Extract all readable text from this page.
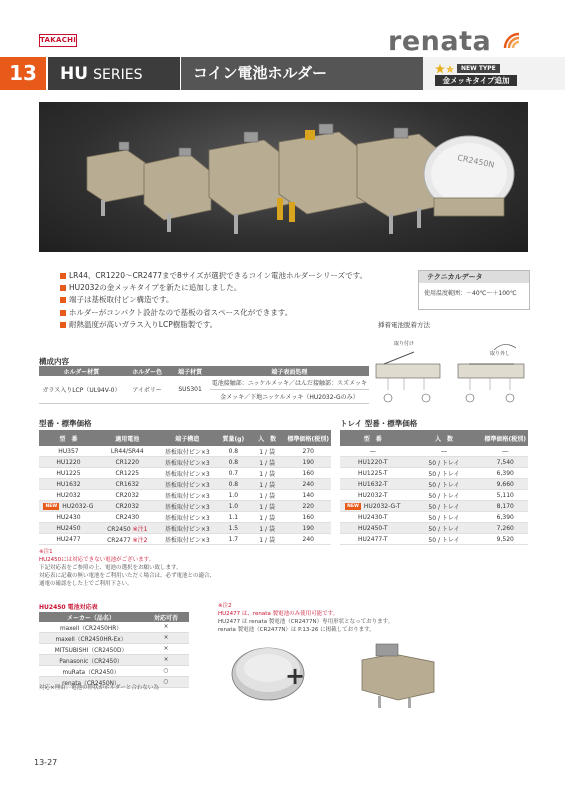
TAKACHI	renata
13	HU SERIES	コイン電池ホルダー	NEW TYPE
金メッキタイプ追加
CR2450N
LR44、CR1220～CR2477まで8サイズが選択できるコイン電池ホルダーシリーズです。
HU2032の金メッキタイプを新たに追加しました。
端子は基板取付ピン構造です。
ホルダーがコンパクト設計なので基板の省スペース化ができます。
耐熱温度が高いガラス入りLCP樹脂製です。
テクニカルデータ
使用温度範囲：－40℃～＋100℃
挿着電池脱着方法
取り付け
取り外し
構成内容
ホルダー材質	ホルダー色	端子材質	端子表面処理
ガラス入りLCP（UL94V-0）	アイボリー	SUS301	電池接触部：ニッケルメッキ／はんだ接触部：スズメッキ
			金メッキ／下地ニッケルメッキ（HU2032-Gのみ）
型番・標準価格
型　番	適用電池	端子構造	質量(g)	入　数	標準価格(税別)
HU357	LR44/SR44	基板取付ピン×3	0.8	1 / 袋	270
HU1220	CR1220	基板取付ピン×3	0.8	1 / 袋	190
HU1225	CR1225	基板取付ピン×3	0.7	1 / 袋	160
HU1632	CR1632	基板取付ピン×3	0.8	1 / 袋	240
HU2032	CR2032	基板取付ピン×3	1.0	1 / 袋	140
NEW HU2032-G	CR2032	基板取付ピン×3	1.0	1 / 袋	220
HU2430	CR2430	基板取付ピン×3	1.1	1 / 袋	160
HU2450	CR2450 ※注1	基板取付ピン×3	1.5	1 / 袋	190
HU2477	CR2477 ※注2	基板取付ピン×3	1.7	1 / 袋	240
トレイ 型番・標準価格
型　番	入　数	標準価格(税別)
―	―	―
HU1220-T	50 / トレイ	7,540
HU1225-T	50 / トレイ	6,390
HU1632-T	50 / トレイ	9,660
HU2032-T	50 / トレイ	5,110
NEW HU2032-G-T	50 / トレイ	8,170
HU2430-T	50 / トレイ	6,390
HU2450-T	50 / トレイ	7,260
HU2477-T	50 / トレイ	9,520
※注1
HU2450には対応できない電池がございます。
下記対応表をご参照の上、電池の選択をお願い致します。
対応表に記載の無い電池をご利用いただく場合は、必ず電池との適合、
通電の確認をした上でご利用下さい。
HU2450 電池対応表
メーカー（品名）	対応可否
maxell（CR2450HR）	×
maxell（CR2450HR-Ex）	×
MITSUBISHI（CR2450D）	×
Panasonic（CR2450）	×
muRata（CR2450）	○
renata（CR2450N）	○
対応×理由：電池の形状がホルダーと合わない為
※注2
HU2477 は、renata 製電池のみ使用可能です。
HU2477 は renata 製電池（CR2477N）専用形状となっております。
renata 製電池（CR2477N）は P.13-26 に掲載しております。
+
13-27
